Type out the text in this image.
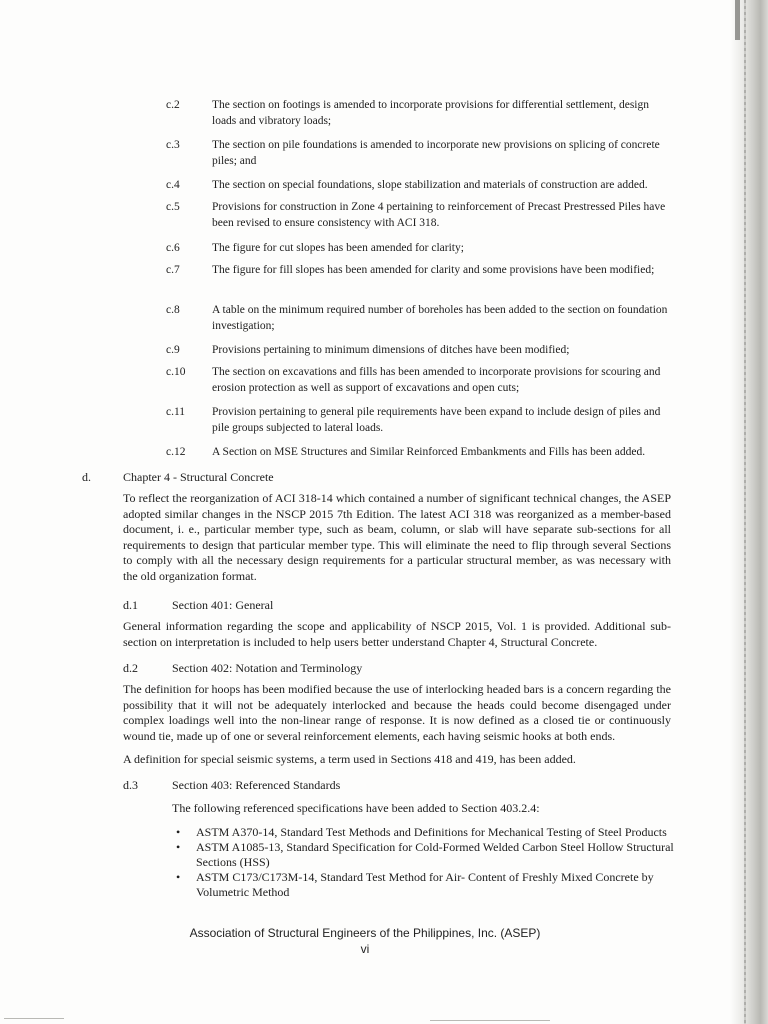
c.2	The section on footings is amended to incorporate provisions for differential settlement, design loads and vibratory loads;
c.3	The section on pile foundations is amended to incorporate new provisions on splicing of concrete piles; and
c.4	The section on special foundations, slope stabilization and materials of construction are added.
c.5	Provisions for construction in Zone 4 pertaining to reinforcement of Precast Prestressed Piles have been revised to ensure consistency with ACI 318.
c.6	The figure for cut slopes has been amended for clarity;
c.7	The figure for fill slopes has been amended for clarity and some provisions have been modified;
c.8	A table on the minimum required number of boreholes has been added to the section on foundation investigation;
c.9	Provisions pertaining to minimum dimensions of ditches have been modified;
c.10 The section on excavations and fills has been amended to incorporate provisions for scouring and erosion protection as well as support of excavations and open cuts;
c.11 Provision pertaining to general pile requirements have been expand to include design of piles and pile groups subjected to lateral loads.
c.12 A Section on MSE Structures and Similar Reinforced Embankments and Fills has been added.
d.	Chapter 4 - Structural Concrete
To reflect the reorganization of ACI 318-14 which contained a number of significant technical changes, the ASEP adopted similar changes in the NSCP 2015 7th Edition. The latest ACI 318 was reorganized as a member-based document, i. e., particular member type, such as beam, column, or slab will have separate sub-sections for all requirements to design that particular member type. This will eliminate the need to flip through several Sections to comply with all the necessary design requirements for a particular structural member, as was necessary with the old organization format.
d.1	Section 401: General
General information regarding the scope and applicability of NSCP 2015, Vol. 1 is provided. Additional sub-section on interpretation is included to help users better understand Chapter 4, Structural Concrete.
d.2	Section 402: Notation and Terminology
The definition for hoops has been modified because the use of interlocking headed bars is a concern regarding the possibility that it will not be adequately interlocked and because the heads could become disengaged under complex loadings well into the non-linear range of response. It is now defined as a closed tie or continuously wound tie, made up of one or several reinforcement elements, each having seismic hooks at both ends.
A definition for special seismic systems, a term used in Sections 418 and 419, has been added.
d.3	Section 403: Referenced Standards
The following referenced specifications have been added to Section 403.2.4:
• ASTM A370-14, Standard Test Methods and Definitions for Mechanical Testing of Steel Products
• ASTM A1085-13, Standard Specification for Cold-Formed Welded Carbon Steel Hollow Structural Sections (HSS)
• ASTM C173/C173M-14, Standard Test Method for Air- Content of Freshly Mixed Concrete by Volumetric Method
Association of Structural Engineers of the Philippines, Inc. (ASEP)
vi
